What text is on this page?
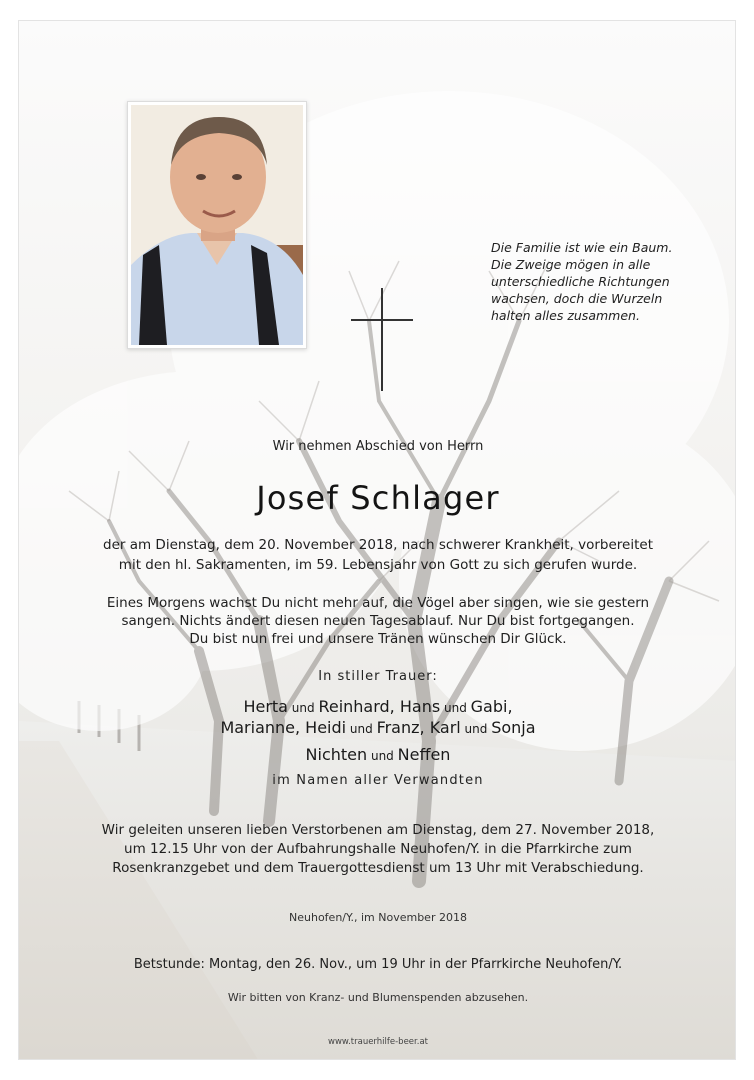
Die Familie ist wie ein Baum.
Die Zweige mögen in alle
unterschiedliche Richtungen
wachsen, doch die Wurzeln
halten alles zusammen.
Wir nehmen Abschied von Herrn
Josef Schlager
der am Dienstag, dem 20. November 2018, nach schwerer Krankheit, vorbereitet
mit den hl. Sakramenten, im 59. Lebensjahr von Gott zu sich gerufen wurde.
Eines Morgens wachst Du nicht mehr auf, die Vögel aber singen, wie sie gestern
sangen. Nichts ändert diesen neuen Tagesablauf. Nur Du bist fortgegangen.
Du bist nun frei und unsere Tränen wünschen Dir Glück.
In stiller Trauer:
Herta und Reinhard, Hans und Gabi,
Marianne, Heidi und Franz, Karl und Sonja
Nichten und Neffen
im Namen aller Verwandten
Wir geleiten unseren lieben Verstorbenen am Dienstag, dem 27. November 2018,
um 12.15 Uhr von der Aufbahrungshalle Neuhofen/Y. in die Pfarrkirche zum
Rosenkranzgebet und dem Trauergottesdienst um 13 Uhr mit Verabschiedung.
Neuhofen/Y., im November 2018
Betstunde: Montag, den 26. Nov., um 19 Uhr in der Pfarrkirche Neuhofen/Y.
Wir bitten von Kranz- und Blumenspenden abzusehen.
www.trauerhilfe-beer.at
